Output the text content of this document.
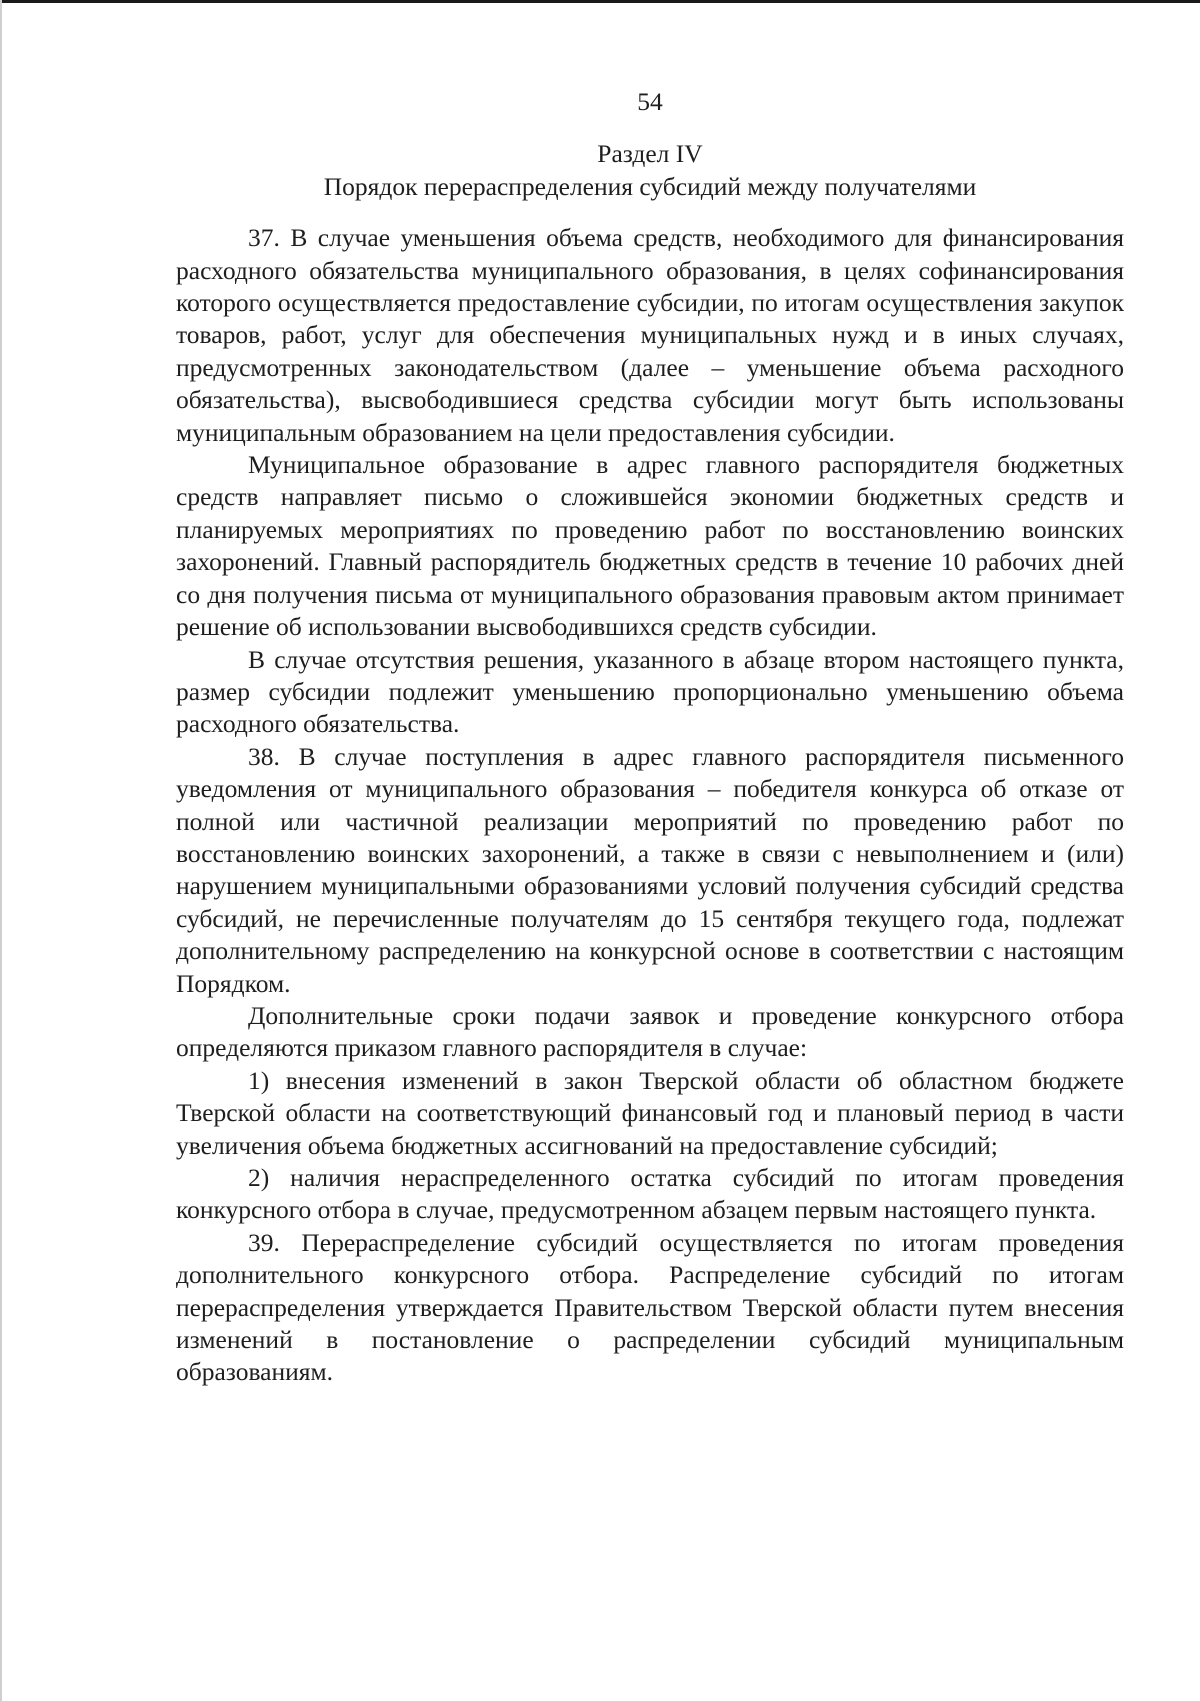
54
Раздел IV
Порядок перераспределения субсидий между получателями

37. В случае уменьшения объема средств, необходимого для финансирования расходного обязательства муниципального образования, в целях софинансирования которого осуществляется предоставление субсидии, по итогам осуществления закупок товаров, работ, услуг для обеспечения муниципальных нужд и в иных случаях, предусмотренных законодательством (далее – уменьшение объема расходного обязательства), высвободившиеся средства субсидии могут быть использованы муниципальным образованием на цели предоставления субсидии.

Муниципальное образование в адрес главного распорядителя бюджетных средств направляет письмо о сложившейся экономии бюджетных средств и планируемых мероприятиях по проведению работ по восстановлению воинских захоронений. Главный распорядитель бюджетных средств в течение 10 рабочих дней со дня получения письма от муниципального образования правовым актом принимает решение об использовании высвободившихся средств субсидии.

В случае отсутствия решения, указанного в абзаце втором настоящего пункта, размер субсидии подлежит уменьшению пропорционально уменьшению объема расходного обязательства.

38. В случае поступления в адрес главного распорядителя письменного уведомления от муниципального образования – победителя конкурса об отказе от полной или частичной реализации мероприятий по проведению работ по восстановлению воинских захоронений, а также в связи с невыполнением и (или) нарушением муниципальными образованиями условий получения субсидий средства субсидий, не перечисленные получателям до 15 сентября текущего года, подлежат дополнительному распределению на конкурсной основе в соответствии с настоящим Порядком.

Дополнительные сроки подачи заявок и проведение конкурсного отбора определяются приказом главного распорядителя в случае:

1) внесения изменений в закон Тверской области об областном бюджете Тверской области на соответствующий финансовый год и плановый период в части увеличения объема бюджетных ассигнований на предоставление субсидий;

2) наличия нераспределенного остатка субсидий по итогам проведения конкурсного отбора в случае, предусмотренном абзацем первым настоящего пункта.

39. Перераспределение субсидий осуществляется по итогам проведения дополнительного конкурсного отбора. Распределение субсидий по итогам перераспределения утверждается Правительством Тверской области путем внесения изменений в постановление о распределении субсидий муниципальным образованиям.
